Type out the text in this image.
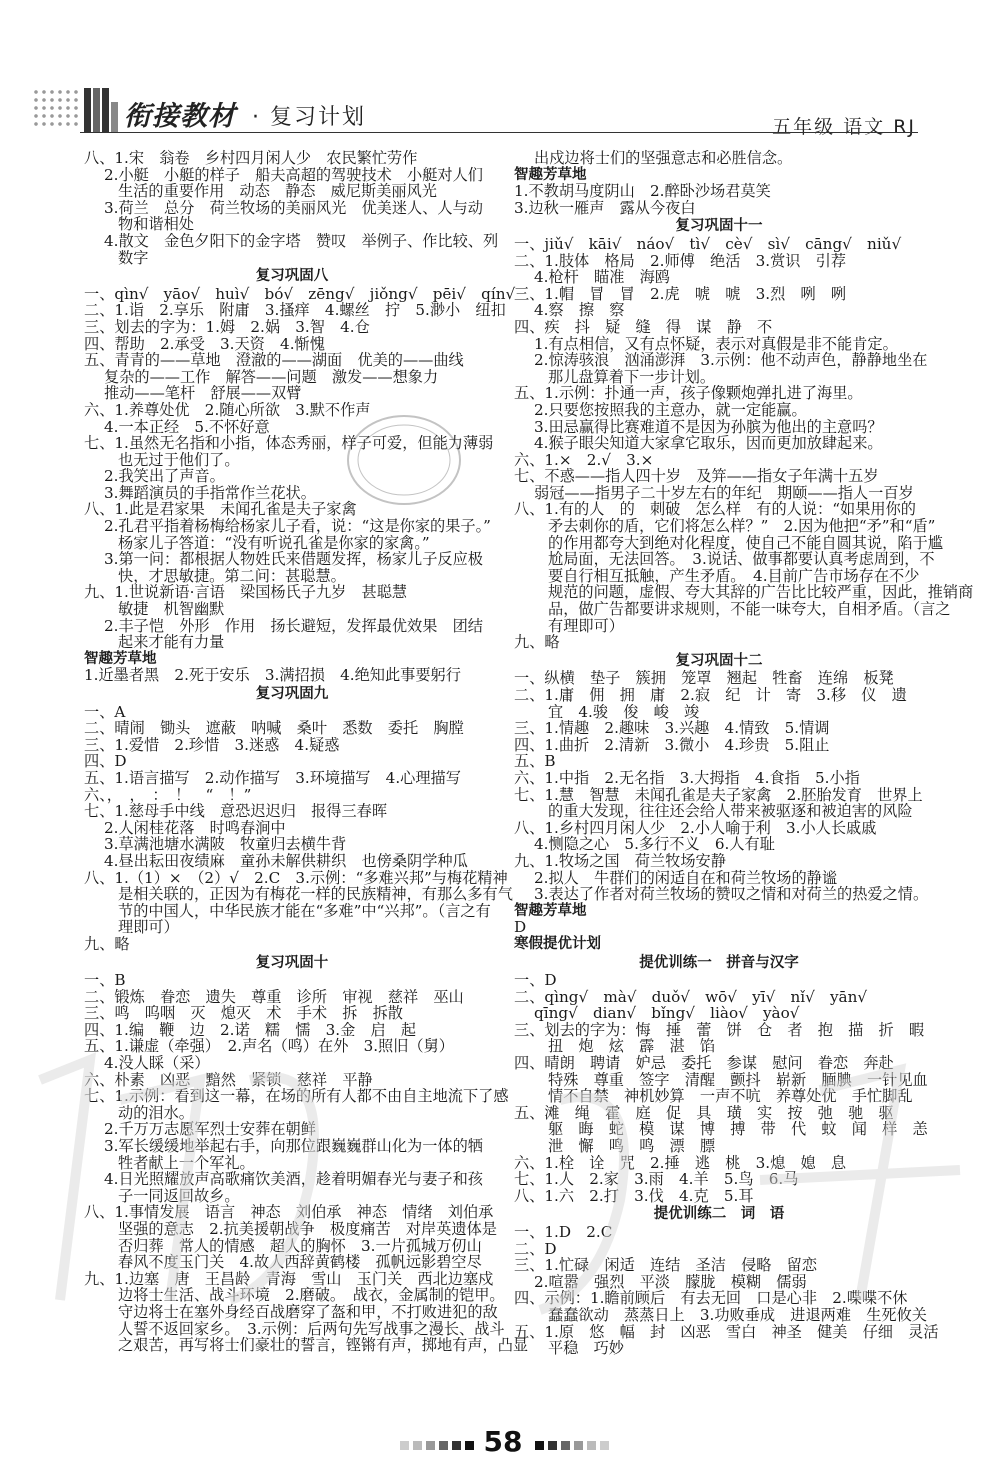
衔接教材 · 复习计划	五年级 语文 RJ
八、1.宋　翁卷　乡村四月闲人少　农民繁忙劳作
2.小艇　小艇的样子　船夫高超的驾驶技术　小艇对人们
生活的重要作用　动态　静态　威尼斯美丽风光
3.荷兰　总分　荷兰牧场的美丽风光　优美迷人、人与动
物和谐相处
4.散文　金色夕阳下的金字塔　赞叹　举例子、作比较、列
数字
复习巩固八
一、qìn√　yāo√　huì√　bó√　zēng√　jiǒng√　pēi√　qín√
二、1.诣　2.享乐　附庸　3.搔痒　4.螺丝　拧　5.渺小　纽扣
三、划去的字为：1.姆　2.娲　3.智　4.仓
四、帮助　2.承受　3.天资　4.惭愧
五、青青的——草地　澄澈的——湖面　优美的——曲线
复杂的——工作　解答——问题　激发——想象力
推动——笔杆　舒展——双臂
六、1.养尊处优　2.随心所欲　3.默不作声
4.一本正经　5.不怀好意
七、1.虽然无名指和小指，体态秀丽，样子可爱，但能力薄弱
也无过于他们了。
2.我笑出了声音。
3.舞蹈演员的手指常作兰花状。
八、1.此是君家果　未闻孔雀是夫子家禽
2.孔君平指着杨梅给杨家儿子看，说：“这是你家的果子。”
杨家儿子答道：“没有听说孔雀是你家的家禽。”
3.第一问：都根据人物姓氏来借题发挥，杨家儿子反应极
快，才思敏捷。第二问：甚聪慧。
九、1.世说新语·言语　梁国杨氏子九岁　甚聪慧
敏捷　机智幽默
2.丰子恺　外形　作用　扬长避短，发挥最优效果　团结
起来才能有力量
智趣芳草地
1.近墨者黑　2.死于安乐　3.满招损　4.绝知此事要躬行
复习巩固九
一、A
二、晴闹　锄头　遮蔽　呐喊　桑叶　悉数　委托　胸膛
三、1.爱惜　2.珍惜　3.迷惑　4.疑惑
四、D
五、1.语言描写　2.动作描写　3.环境描写　4.心理描写
六、，　，　：　！　“　！”
七、1.慈母手中线　意恐迟迟归　报得三春晖
2.人闲桂花落　时鸣春涧中
3.草满池塘水满陂　牧童归去横牛背
4.昼出耘田夜绩麻　童孙未解供耕织　也傍桑阴学种瓜
八、1.（1）×　（2）√　2.C　3.示例：“多难兴邦”与梅花精神
是相关联的，正因为有梅花一样的民族精神，有那么多有气
节的中国人，中华民族才能在“多难”中“兴邦”。（言之有
理即可）
九、略
复习巩固十
一、B
二、锻炼　眷恋　遗失　尊重　诊所　审视　慈祥　巫山
三、鸣　呜咽　灭　熄灭　术　手术　拆　拆散
四、1.编　鞭　边　2.诺　糯　懦　3.金　启　起
五、1.谦虚（牵强）　2.声名（鸣）在外　3.照旧（舅）
4.没人睬（采）
六、朴素　凶恶　黯然　紧锁　慈祥　平静
七、1.示例：看到这一幕，在场的所有人都不由自主地流下了感
动的泪水。
2.千万万志愿军烈士安葬在朝鲜
3.军长缓缓地举起右手，向那位跟巍巍群山化为一体的牺
牲者献上一个军礼。
4.日光照耀放声高歌痛饮美酒，趁着明媚春光与妻子和孩
子一同返回故乡。
八、1.事情发展　语言　神态　刘伯承　神态　情绪　刘伯承
坚强的意志　2.抗美援朝战争　极度痛苦　对岸英遗体是
否归葬　常人的情感　超人的胸怀　3.一片孤城万仞山
春风不度玉门关　4.故人西辞黄鹤楼　孤帆远影碧空尽
九、1.边塞　唐　王昌龄　青海　雪山　玉门关　西北边塞戍
边将士生活、战斗环境　2.磨破。　战衣，金属制的铠甲。
守边将士在塞外身经百战磨穿了盔和甲，不打败进犯的敌
人誓不返回家乡。　3.示例：后两句先写战事之漫长、战斗
之艰苦，再写将士们豪壮的誓言，铿锵有声，掷地有声，凸显
出戍边将士们的坚强意志和必胜信念。
智趣芳草地
1.不教胡马度阴山　2.醉卧沙场君莫笑
3.边秋一雁声　露从今夜白
复习巩固十一
一、jiǔ√　kāi√　náo√　tì√　cè√　sì√　cāng√　niǔ√
二、1.肢体　格局　2.师傅　绝活　3.赏识　引荐
4.枪杆　瞄准　海鸥
三、1.帽　冒　冒　2.虎　唬　唬　3.烈　咧　咧
4.察　擦　察
四、疾　抖　疑　缝　得　谋　静　不
1.有点相信，又有点怀疑，表示对真假是非不能肯定。
2.惊涛骇浪　汹涌澎湃　3.示例：他不动声色，静静地坐在
那儿盘算着下一步计划。
五、1.示例：扑通一声，孩子像颗炮弹扎进了海里。
2.只要您按照我的主意办，就一定能赢。
3.田忌赢得比赛难道不是因为孙膑为他出的主意吗？
4.猴子眼尖知道大家拿它取乐，因而更加放肆起来。
六、1.×　2.√　3.×
七、不惑——指人四十岁　及笄——指女子年满十五岁
弱冠——指男子二十岁左右的年纪　期颐——指人一百岁
八、1.有的人　的　刺破　怎么样　有的人说：“如果用你的
矛去刺你的盾，它们将怎么样？”　2.因为他把“矛”和“盾”
的作用都夸大到绝对化程度，使自己不能自圆其说，陷于尴
尬局面，无法回答。　3.说话、做事都要认真考虑周到，不
要自行相互抵触，产生矛盾。　4.目前广告市场存在不少
规范的问题，虚假、夸大其辞的广告比比较严重，因此，推销商
品，做广告都要讲求规则，不能一味夸大，自相矛盾。（言之
有理即可）
九、略
复习巩固十二
一、纵横　垫子　簇拥　笼罩　翘起　牲畜　连绵　板凳
二、1.庸　佣　拥　庸　2.寂　纪　计　寄　3.移　仪　遗
宜　4.骏　俊　峻　竣
三、1.情趣　2.趣味　3.兴趣　4.情致　5.情调
四、1.曲折　2.清新　3.微小　4.珍贵　5.阻止
五、B
六、1.中指　2.无名指　3.大拇指　4.食指　5.小指
七、1.慧　智慧　未闻孔雀是夫子家禽　2.胚胎发育　世界上
的重大发现，往往还会给人带来被驱逐和被迫害的风险
八、1.乡村四月闲人少　2.小人喻于利　3.小人长戚戚
4.恻隐之心　5.多行不义　6.人有耻
九、1.牧场之国　荷兰牧场安静
2.拟人　牛群们的闲适自在和荷兰牧场的静谧
3.表达了作者对荷兰牧场的赞叹之情和对荷兰的热爱之情。
智趣芳草地
D
寒假提优计划
提优训练一　拼音与汉字
一、D
二、qìng√　mà√　duǒ√　wō√　yī√　nǐ√　yān√
qīng√　dian√　bǐng√　liào√　yào√
三、划去的字为：悔　捶　蕾　饼　仓　者　抱　描　折　暇
扭　炮　炫　霹　湛　馅
四、晴朗　聘请　妒忌　委托　参谋　慰问　眷恋　奔赴
特殊　尊重　签字　清醒　颤抖　崭新　腼腆　一针见血
情不自禁　神机妙算　一声不吭　养尊处优　手忙脚乱
五、滩　绳　霍　庭　促　具　璜　实　按　弛　驰　驱
躯　晦　蛇　模　谋　博　搏　带　代　蚊　闻　样　恙
泄　懈　鸣　鸣　漂　膘
六、1.栓　诠　咒　2.捶　逃　桃　3.熄　媳　息
七、1.人　2.家　3.雨　4.羊　5.鸟　6.马
八、1.六　2.打　3.伐　4.克　5.耳
提优训练二　词　语
一、1.D　2.C
二、D
三、1.忙碌　闲适　连结　圣洁　侵略　留恋
2.喧嚣　强烈　平淡　朦胧　模糊　儒弱
四、示例：1.瞻前顾后　有去无回　口是心非　2.喋喋不休
蠢蠢欲动　蒸蒸日上　3.功败垂成　进退两难　生死攸关
五、1.原　悠　幅　封　凶恶　雪白　神圣　健美　仔细　灵活
平稳　巧妙
58
